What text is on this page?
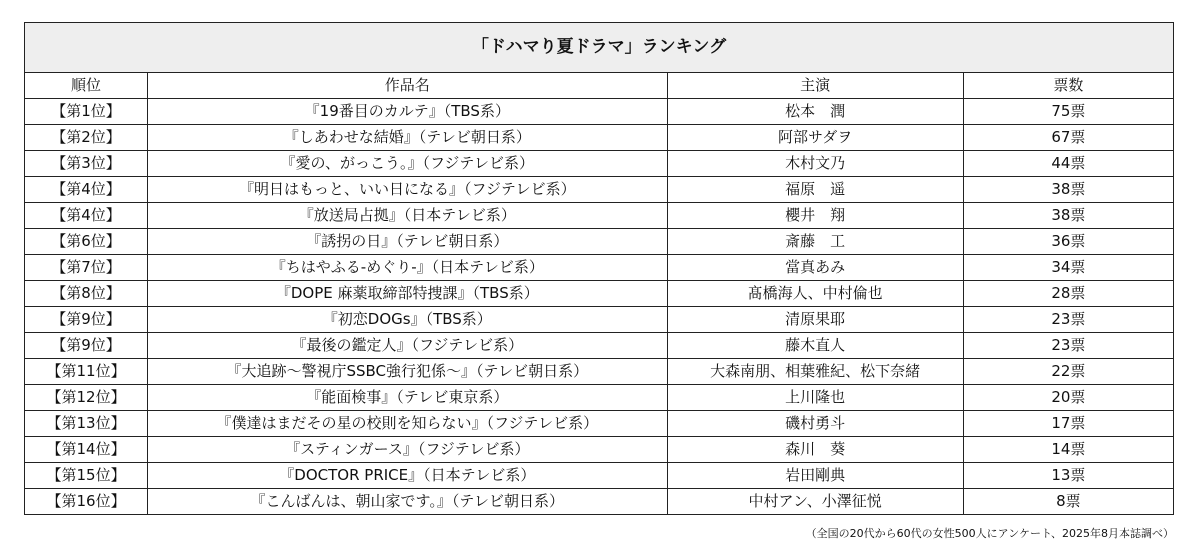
「ドハマり夏ドラマ」ランキング			
順位	作品名	主演	票数
【第1位】	『19番目のカルテ』（TBS系）	松本　潤	75票
【第2位】	『しあわせな結婚』（テレビ朝日系）	阿部サダヲ	67票
【第3位】	『愛の、がっこう。』（フジテレビ系）	木村文乃	44票
【第4位】	『明日はもっと、いい日になる』（フジテレビ系）	福原　遥	38票
【第4位】	『放送局占拠』（日本テレビ系）	櫻井　翔	38票
【第6位】	『誘拐の日』（テレビ朝日系）	斎藤　工	36票
【第7位】	『ちはやふる-めぐり-』（日本テレビ系）	當真あみ	34票
【第8位】	『DOPE 麻薬取締部特捜課』（TBS系）	髙橋海人、中村倫也	28票
【第9位】	『初恋DOGs』（TBS系）	清原果耶	23票
【第9位】	『最後の鑑定人』（フジテレビ系）	藤木直人	23票
【第11位】	『大追跡〜警視庁SSBC強行犯係〜』（テレビ朝日系）	大森南朋、相葉雅紀、松下奈緒	22票
【第12位】	『能面検事』（テレビ東京系）	上川隆也	20票
【第13位】	『僕達はまだその星の校則を知らない』（フジテレビ系）	磯村勇斗	17票
【第14位】	『スティンガース』（フジテレビ系）	森川　葵	14票
【第15位】	『DOCTOR PRICE』（日本テレビ系）	岩田剛典	13票
【第16位】	『こんばんは、朝山家です。』（テレビ朝日系）	中村アン、小澤征悦	8票
（全国の20代から60代の女性500人にアンケート、2025年8月本誌調べ）
